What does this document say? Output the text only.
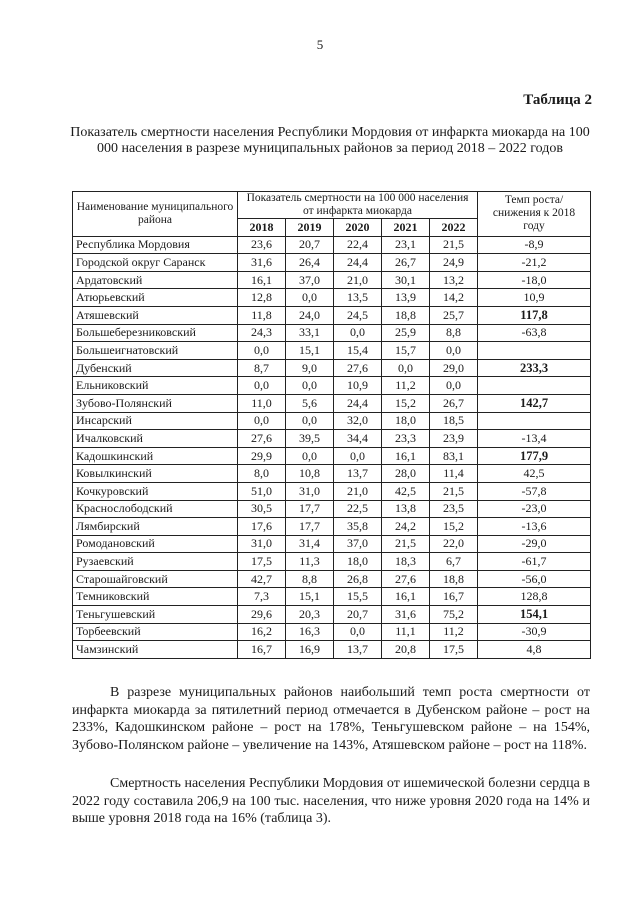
5
Таблица 2
Показатель смертности населения Республики Мордовия от инфаркта миокарда на 100 000 населения в разрезе муниципальных районов за период 2018 – 2022 годов
Наименование муниципального района	Показатель смертности на 100 000 населения от инфаркта миокарда					Темп роста/снижения к 2018 году
	2018	2019	2020	2021	2022	
Республика Мордовия	23,6	20,7	22,4	23,1	21,5	-8,9
Городской округ Саранск	31,6	26,4	24,4	26,7	24,9	-21,2
Ардатовский	16,1	37,0	21,0	30,1	13,2	-18,0
Атюрьевский	12,8	0,0	13,5	13,9	14,2	10,9
Атяшевский	11,8	24,0	24,5	18,8	25,7	117,8
Большеберезниковский	24,3	33,1	0,0	25,9	8,8	-63,8
Большеигнатовский	0,0	15,1	15,4	15,7	0,0	
Дубенский	8,7	9,0	27,6	0,0	29,0	233,3
Ельниковский	0,0	0,0	10,9	11,2	0,0	
Зубово-Полянский	11,0	5,6	24,4	15,2	26,7	142,7
Инсарский	0,0	0,0	32,0	18,0	18,5	
Ичалковский	27,6	39,5	34,4	23,3	23,9	-13,4
Кадошкинский	29,9	0,0	0,0	16,1	83,1	177,9
Ковылкинский	8,0	10,8	13,7	28,0	11,4	42,5
Кочкуровский	51,0	31,0	21,0	42,5	21,5	-57,8
Краснослободский	30,5	17,7	22,5	13,8	23,5	-23,0
Лямбирский	17,6	17,7	35,8	24,2	15,2	-13,6
Ромодановский	31,0	31,4	37,0	21,5	22,0	-29,0
Рузаевский	17,5	11,3	18,0	18,3	6,7	-61,7
Старошайговский	42,7	8,8	26,8	27,6	18,8	-56,0
Темниковский	7,3	15,1	15,5	16,1	16,7	128,8
Теньгушевский	29,6	20,3	20,7	31,6	75,2	154,1
Торбеевский	16,2	16,3	0,0	11,1	11,2	-30,9
Чамзинский	16,7	16,9	13,7	20,8	17,5	4,8

В разрезе муниципальных районов наибольший темп роста смертности от инфаркта миокарда за пятилетний период отмечается в Дубенском районе – рост на 233%, Кадошкинском районе – рост на 178%, Теньгушевском районе – на 154%, Зубово-Полянском районе – увеличение на 143%, Атяшевском районе – рост на 118%.

Смертность населения Республики Мордовия от ишемической болезни сердца в 2022 году составила 206,9 на 100 тыс. населения, что ниже уровня 2020 года на 14% и выше уровня 2018 года на 16% (таблица 3).
